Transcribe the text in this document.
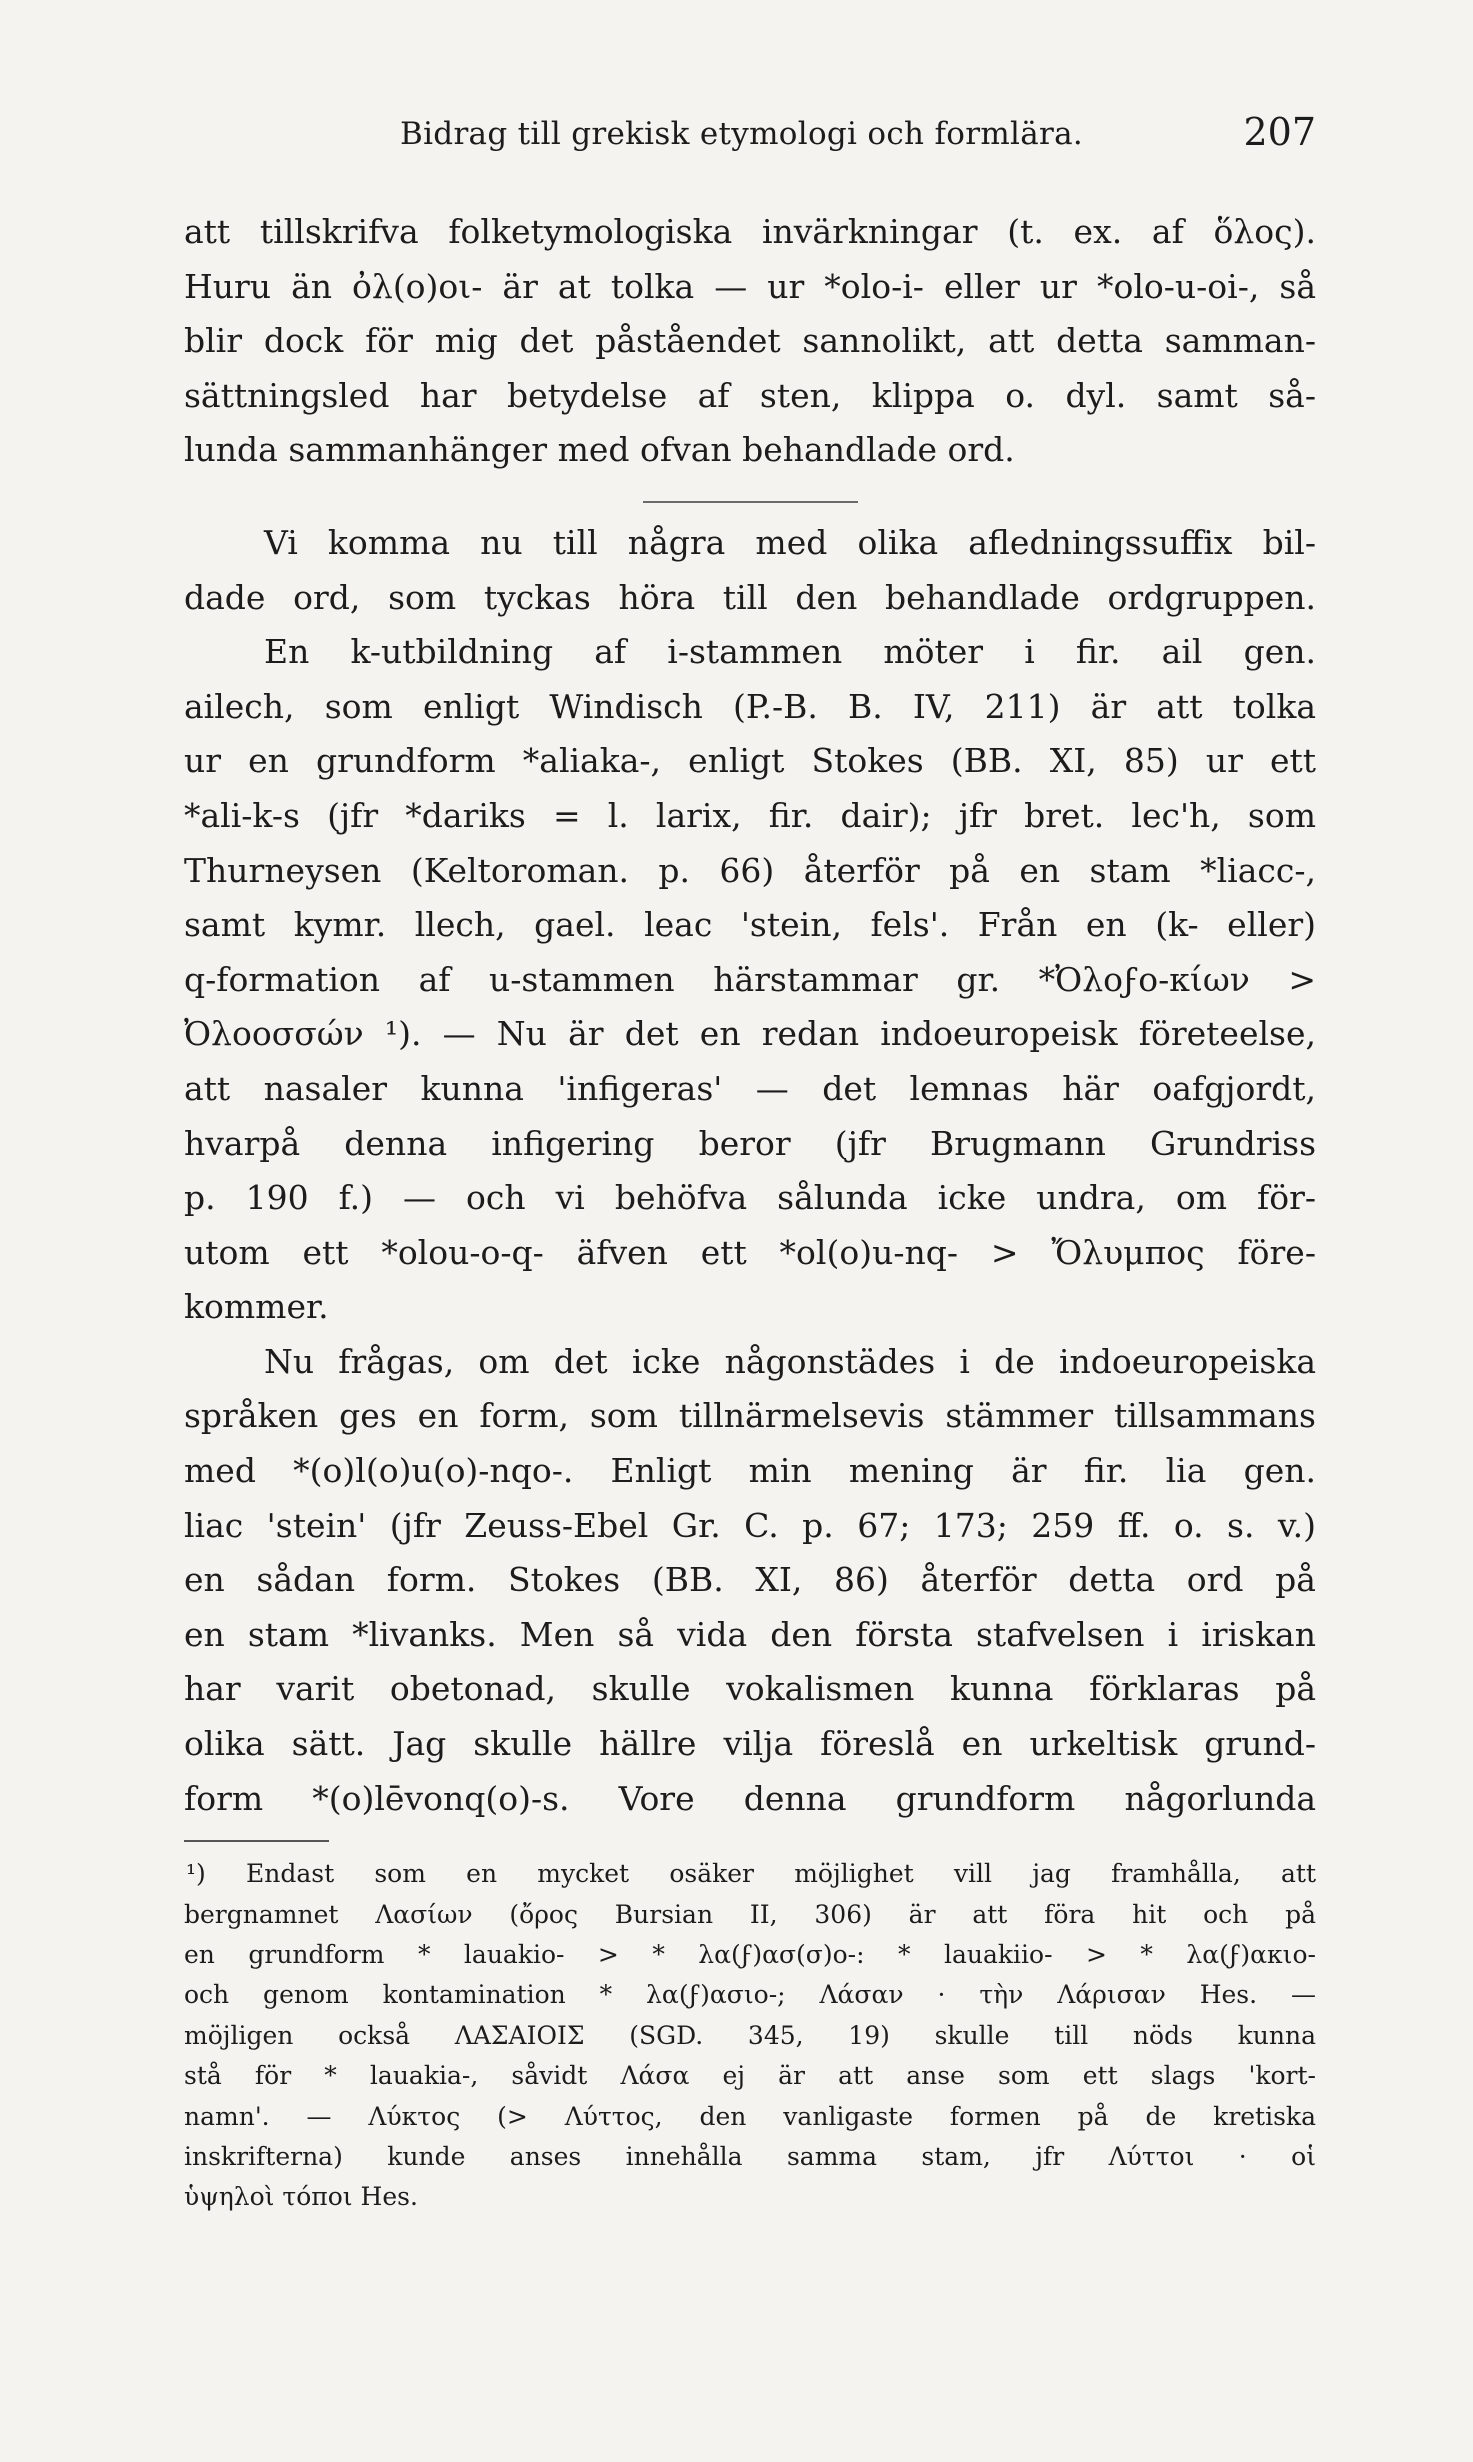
Bidrag till grekisk etymologi och formlära.	207
att tillskrifva folketymologiska invärkningar (t. ex. af ὅλος).
Huru än ὀλ(ο)οι- är at tolka — ur *olo-i- eller ur *olo-u-oi-, så
blir dock för mig det påståendet sannolikt, att detta samman-
sättningsled har betydelse af sten, klippa o. dyl. samt så-
lunda sammanhänger med ofvan behandlade ord.
Vi komma nu till några med olika afledningssuffix bil-
dade ord, som tyckas höra till den behandlade ordgruppen.
En k-utbildning af i-stammen möter i fir. ail gen.
ailech, som enligt Windisch (P.-B. B. IV, 211) är att tolka
ur en grundform *aliaka-, enligt Stokes (BB. XI, 85) ur ett
*ali-k-s (jfr *dariks = l. larix, fir. dair); jfr bret. lec'h, som
Thurneysen (Keltoroman. p. 66) återför på en stam *liacc-,
samt kymr. llech, gael. leac 'stein, fels'. Från en (k- eller)
q-formation af u-stammen härstammar gr. *Ὀλοϝο-κίων >
Ὀλοοσσών ¹). — Nu är det en redan indoeuropeisk företeelse,
att nasaler kunna 'infigeras' — det lemnas här oafgjordt,
hvarpå denna infigering beror (jfr Brugmann Grundriss
p. 190 f.) — och vi behöfva sålunda icke undra, om för-
utom ett *olou-o-q- äfven ett *ol(o)u-nq- > Ὄλυμπος före-
kommer.
Nu frågas, om det icke någonstädes i de indoeuropeiska
språken ges en form, som tillnärmelsevis stämmer tillsammans
med *(o)l(o)u(o)-nqo-. Enligt min mening är fir. lia gen.
liac 'stein' (jfr Zeuss-Ebel Gr. C. p. 67; 173; 259 ff. o. s. v.)
en sådan form. Stokes (BB. XI, 86) återför detta ord på
en stam *livanks. Men så vida den första stafvelsen i iriskan
har varit obetonad, skulle vokalismen kunna förklaras på
olika sätt. Jag skulle hällre vilja föreslå en urkeltisk grund-
form *(o)lēvonq(o)-s. Vore denna grundform någorlunda
¹) Endast som en mycket osäker möjlighet vill jag framhålla, att
bergnamnet Λασίων (ὄρος Bursian II, 306) är att föra hit och på
en grundform * lauakio- > * λα(ϝ)ασ(σ)ο-: * lauakiio- > * λα(ϝ)ακιο-
och genom kontamination * λα(ϝ)ασιο-; Λάσαν · τὴν Λάρισαν Hes. —
möjligen också ΛΑΣΑΙΟΙΣ (SGD. 345, 19) skulle till nöds kunna
stå för * lauakia-, såvidt Λάσα ej är att anse som ett slags 'kort-
namn'. — Λύκτος (> Λύττος, den vanligaste formen på de kretiska
inskrifterna) kunde anses innehålla samma stam, jfr Λύττοι · οἱ
ὑψηλοὶ τόποι Hes.
